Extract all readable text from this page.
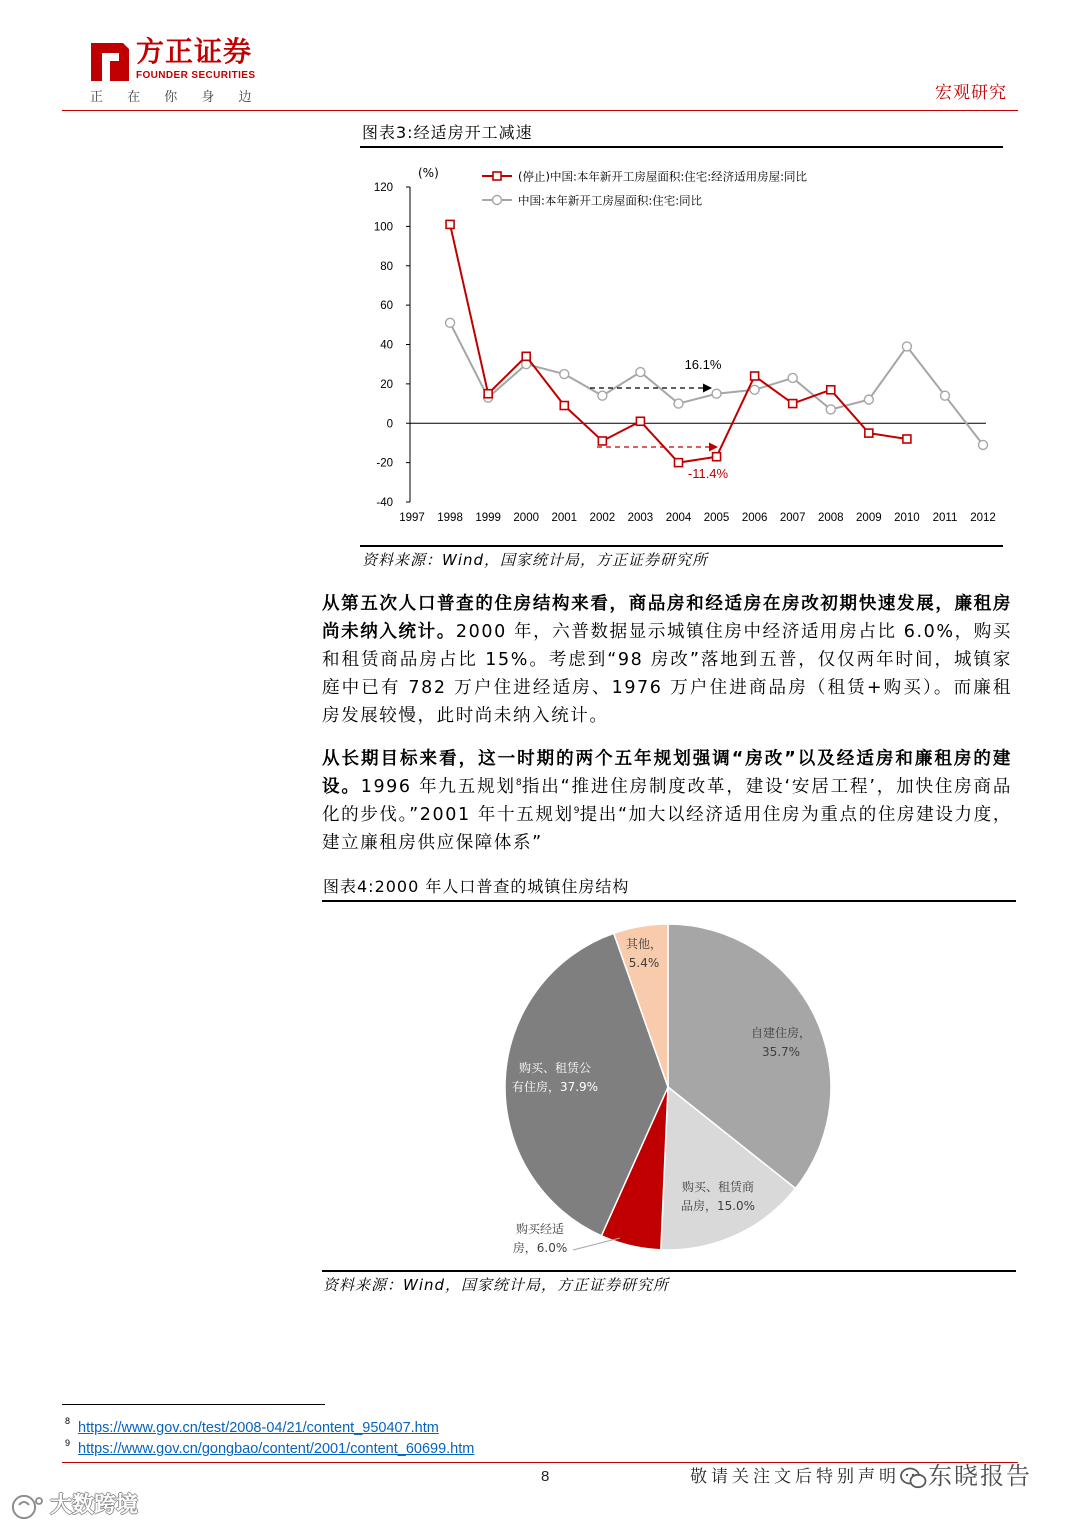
方正证券
FOUNDER SECURITIES
正 在 你 身 边	宏观研究
图表3:经适房开工减速
(%)
120
100
80
60
40
20
0
-20
-40
1997 1998 1999 2000 2001 2002 2003 2004 2005 2006 2007 2008 2009 2010 2011 2012
(停止)中国:本年新开工房屋面积:住宅:经济适用房屋:同比
中国:本年新开工房屋面积:住宅:同比
16.1%
-11.4%
资料来源：Wind，国家统计局，方正证券研究所

从第五次人口普查的住房结构来看，商品房和经适房在房改初期快速发展，廉租房尚未纳入统计。2000 年，六普数据显示城镇住房中经济适用房占比 6.0%，购买和租赁商品房占比 15%。考虑到“98 房改”落地到五普，仅仅两年时间，城镇家庭中已有 782 万户住进经适房、1976 万户住进商品房（租赁+购买）。而廉租房发展较慢，此时尚未纳入统计。

从长期目标来看，这一时期的两个五年规划强调“房改”以及经适房和廉租房的建设。1996 年九五规划$^8$指出“推进住房制度改革，建设‘安居工程’，加快住房商品化的步伐。”2001 年十五规划$^9$提出“加大以经济适用住房为重点的住房建设力度，建立廉租房供应保障体系”

图表4:2000 年人口普查的城镇住房结构
自建住房， 35.7%
购买、租赁商品房，15.0%
购买经适房，6.0%
购买、租赁公有住房，37.9%
其他， 5.4%
资料来源：Wind，国家统计局，方正证券研究所
8 https://www.gov.cn/test/2008-04/21/content_950407.htm
9 https://www.gov.cn/gongbao/content/2001/content_60699.htm
8	敬请关注文后特别声明 东晓报告
大数跨境
